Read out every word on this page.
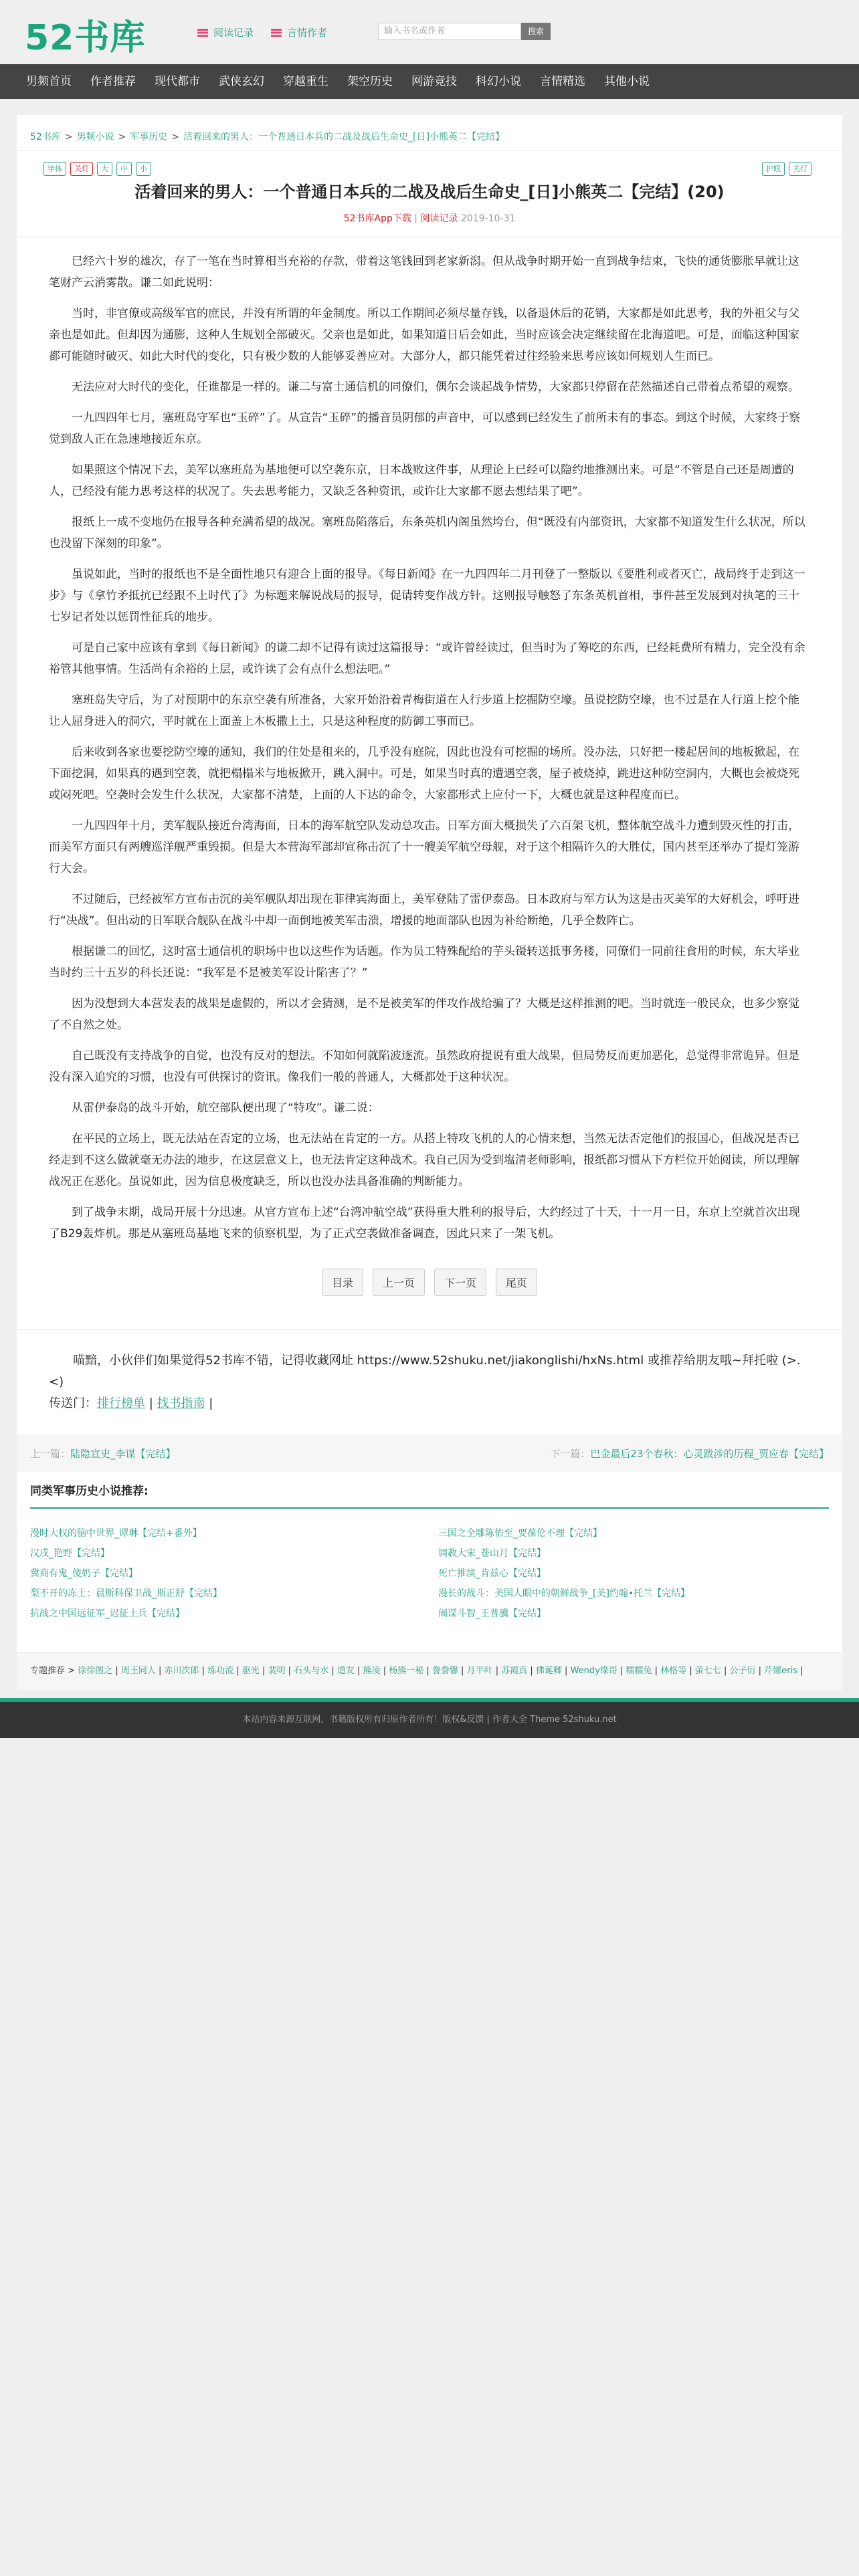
52书库	阅读记录	言情作者	输入书名或作者	搜索
男频首页	作者推荐	现代都市	武侠玄幻	穿越重生	架空历史	网游竞技	科幻小说	言情精选	其他小说
52书库 > 男频小说 > 军事历史 > 活着回来的男人：一个普通日本兵的二战及战后生命史_[日]小熊英二【完结】
字体 关灯 大 中 小	护眼 关灯
活着回来的男人：一个普通日本兵的二战及战后生命史_[日]小熊英二【完结】(20)
52书库App下载 | 阅读记录 2019-10-31

已经六十岁的雄次，存了一笔在当时算相当充裕的存款，带着这笔钱回到老家新潟。但从战争时期开始一直到战争结束，飞快的通货膨胀早就让这笔财产云消雾散。谦二如此说明：

当时，非官僚或高级军官的庶民，并没有所谓的年金制度。所以工作期间必须尽量存钱，以备退休后的花销，大家都是如此思考，我的外祖父与父亲也是如此。但却因为通膨，这种人生规划全部破灭。父亲也是如此，如果知道日后会如此，当时应该会决定继续留在北海道吧。可是，面临这种国家都可能随时破灭、如此大时代的变化，只有极少数的人能够妥善应对。大部分人，都只能凭着过往经验来思考应该如何规划人生而已。

无法应对大时代的变化，任谁都是一样的。谦二与富士通信机的同僚们，偶尔会谈起战争情势，大家都只停留在茫然描述自己带着点希望的观察。

一九四四年七月，塞班岛守军也“玉碎”了。从宣告“玉碎”的播音员阴郁的声音中，可以感到已经发生了前所未有的事态。到这个时候，大家终于察觉到敌人正在急速地接近东京。

如果照这个情况下去，美军以塞班岛为基地便可以空袭东京，日本战败这件事，从理论上已经可以隐约地推测出来。可是“不管是自己还是周遭的人，已经没有能力思考这样的状况了。失去思考能力，又缺乏各种资讯，或许让大家都不愿去想结果了吧”。

报纸上一成不变地仍在报导各种充满希望的战况。塞班岛陷落后，东条英机内阁虽然垮台，但“既没有内部资讯，大家都不知道发生什么状况，所以也没留下深刻的印象”。

虽说如此，当时的报纸也不是全面性地只有迎合上面的报导。《每日新闻》在一九四四年二月刊登了一整版以《要胜利或者灭亡，战局终于走到这一步》与《拿竹矛抵抗已经跟不上时代了》为标题来解说战局的报导，促请转变作战方针。这则报导触怒了东条英机首相，事件甚至发展到对执笔的三十七岁记者处以惩罚性征兵的地步。

可是自己家中应该有拿到《每日新闻》的谦二却不记得有读过这篇报导：“或许曾经读过，但当时为了筹吃的东西，已经耗费所有精力，完全没有余裕管其他事情。生活尚有余裕的上层，或许读了会有点什么想法吧。”

塞班岛失守后，为了对预期中的东京空袭有所准备，大家开始沿着青梅街道在人行步道上挖掘防空壕。虽说挖防空壕，也不过是在人行道上挖个能让人屈身进入的洞穴，平时就在上面盖上木板撒上土，只是这种程度的防御工事而已。

后来收到各家也要挖防空壕的通知，我们的住处是租来的，几乎没有庭院，因此也没有可挖掘的场所。没办法，只好把一楼起居间的地板掀起，在下面挖洞，如果真的遇到空袭，就把榻榻米与地板掀开，跳入洞中。可是，如果当时真的遭遇空袭，屋子被烧掉，跳进这种防空洞内，大概也会被烧死或闷死吧。空袭时会发生什么状况，大家都不清楚，上面的人下达的命令，大家都形式上应付一下，大概也就是这种程度而已。

一九四四年十月，美军舰队接近台湾海面，日本的海军航空队发动总攻击。日军方面大概损失了六百架飞机，整体航空战斗力遭到毁灭性的打击，而美军方面只有两艘巡洋舰严重毁损。但是大本营海军部却宣称击沉了十一艘美军航空母舰，对于这个相隔许久的大胜仗，国内甚至还举办了提灯笼游行大会。

不过随后，已经被军方宣布击沉的美军舰队却出现在菲律宾海面上，美军登陆了雷伊泰岛。日本政府与军方认为这是击灭美军的大好机会，呼吁进行“决战”。但出动的日军联合舰队在战斗中却一面倒地被美军击溃，增援的地面部队也因为补给断绝，几乎全数阵亡。

根据谦二的回忆，这时富士通信机的职场中也以这些作为话题。作为员工特殊配给的芋头镊转送抵事务楼，同僚们一同前往食用的时候，东大毕业当时约三十五岁的科长还说：“我军是不是被美军设计陷害了？”

因为没想到大本营发表的战果是虚假的，所以才会猜测，是不是被美军的伴攻作战给骗了？大概是这样推测的吧。当时就连一般民众，也多少察觉了不自然之处。

自己既没有支持战争的自觉，也没有反对的想法。不知如何就陷波逐流。虽然政府提说有重大战果，但局势反而更加恶化，总觉得非常诡异。但是没有深入追究的习惯，也没有可供探讨的资讯。像我们一般的普通人，大概都处于这种状况。

从雷伊泰岛的战斗开始，航空部队便出现了“特攻”。谦二说：

在平民的立场上，既无法站在否定的立场，也无法站在肯定的一方。从搭上特攻飞机的人的心情来想，当然无法否定他们的报国心，但战况是否已经走到不这么做就毫无办法的地步，在这层意义上，也无法肯定这种战术。我自己因为受到塩清老师影响，报纸都习惯从下方栏位开始阅读，所以理解战况正在恶化。虽说如此，因为信息极度缺乏，所以也没办法具备准确的判断能力。

到了战争末期，战局开展十分迅速。从官方宣布上述“台湾冲航空战”获得重大胜利的报导后，大约经过了十天，十一月一日，东京上空就首次出现了B29轰炸机。那是从塞班岛基地飞来的侦察机型，为了正式空袭做准备调查，因此只来了一架飞机。

目录	上一页	下一页	尾页
喵黯，小伙伴们如果觉得52书库不错，记得收藏网址 https://www.52shuku.net/jiakonglishi/hxNs.html 或推荐给朋友哦~拜托啦 (>.<)
传送门：排行榜单 | 找书指南 |
上一篇：陆隐宣史_李谋【完结】	下一篇：巴金最后23个春秋：心灵跋涉的历程_贾应春【完结】
同类军事历史小说推荐:
漫时大权的脑中世界_谭琳【完结+番外】
汉戌_艳野【完结】
冀商有鬼_傻奶子【完结】
梨不开的冻土：晨斯科保卫战_斯正舒【完结】
抗战之中国远征军_迟征土兵【完结】
三国之全雕陈佑至_要葆伦不理【完结】
调教大宋_苍山月【完结】
死亡推演_肯兹心【完结】
漫长的战斗：美国人眼中的朝鲜战争_[美]约翰•托兰【完结】
闹谋斗智_王普骥【完结】
专题推荐 > 徐徐图之 | 周王同人 | 赤川次郎 | 练功流 | 驱光 | 裴明 | 石头与水 | 道友 | 熊凌 | 杨熊一秘 | 誊誊馨 | 月半叶 | 苏霞真 | 佛诞卿 | Wendy缘哥 | 糯糯兔 | 林格等 | 萤七七 | 公子衍 | 芹娜eris |
本站内容来源互联网，书籍版权所有归原作者所有！版权&反馈 | 作者大全 Theme 52shuku.net
